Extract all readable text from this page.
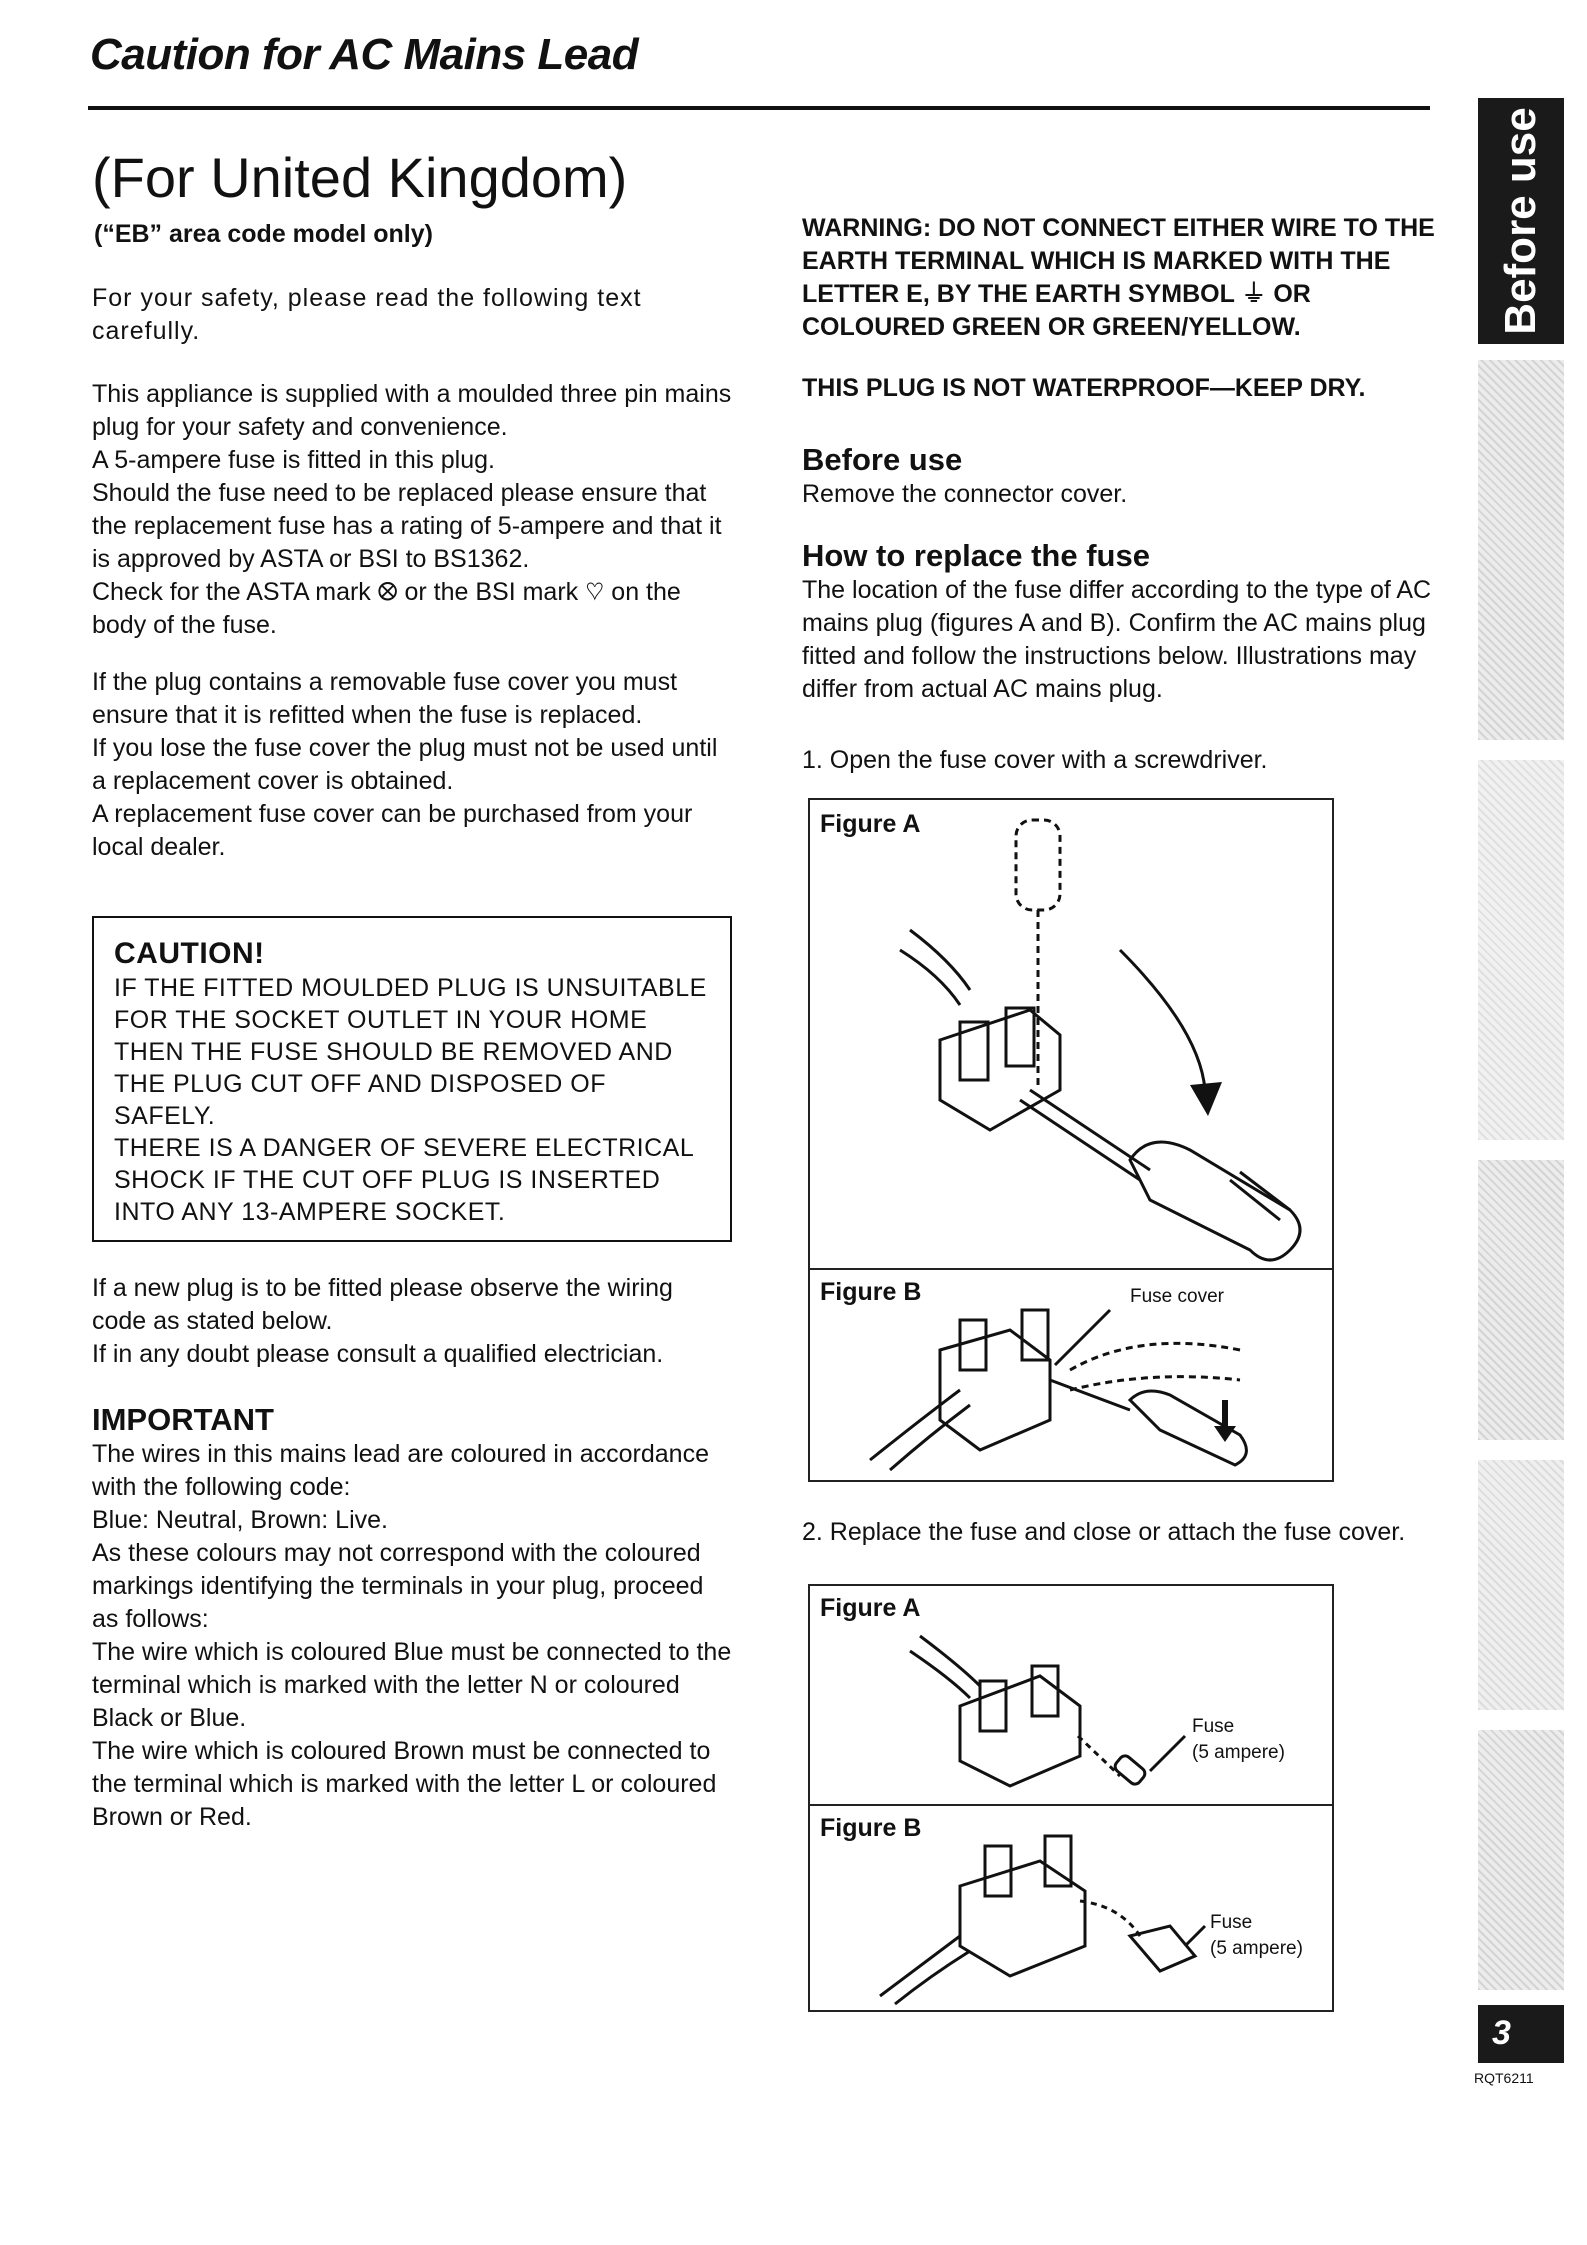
Caution for AC Mains Lead
(For United Kingdom)
(“EB” area code model only)

For your safety, please read the following text carefully.

This appliance is supplied with a moulded three pin mains plug for your safety and convenience.

A 5-ampere fuse is fitted in this plug.

Should the fuse need to be replaced please ensure that the replacement fuse has a rating of 5-ampere and that it is approved by ASTA or BSI to BS1362.

Check for the ASTA mark ⭙ or the BSI mark ♡ on the body of the fuse.

If the plug contains a removable fuse cover you must ensure that it is refitted when the fuse is replaced.

If you lose the fuse cover the plug must not be used until a replacement cover is obtained.

A replacement fuse cover can be purchased from your local dealer.

CAUTION!
IF THE FITTED MOULDED PLUG IS UNSUITABLE FOR THE SOCKET OUTLET IN YOUR HOME THEN THE FUSE SHOULD BE REMOVED AND THE PLUG CUT OFF AND DISPOSED OF SAFELY.
THERE IS A DANGER OF SEVERE ELECTRICAL SHOCK IF THE CUT OFF PLUG IS INSERTED INTO ANY 13-AMPERE SOCKET.

If a new plug is to be fitted please observe the wiring code as stated below.

If in any doubt please consult a qualified electrician.

IMPORTANT

The wires in this mains lead are coloured in accordance with the following code:

Blue: Neutral, Brown: Live.

As these colours may not correspond with the coloured markings identifying the terminals in your plug, proceed as follows:

The wire which is coloured Blue must be connected to the terminal which is marked with the letter N or coloured Black or Blue.

The wire which is coloured Brown must be connected to the terminal which is marked with the letter L or coloured Brown or Red.

WARNING: DO NOT CONNECT EITHER WIRE TO THE EARTH TERMINAL WHICH IS MARKED WITH THE LETTER E, BY THE EARTH SYMBOL ⏚ OR COLOURED GREEN OR GREEN/YELLOW.
THIS PLUG IS NOT WATERPROOF—KEEP DRY.
Before use

Remove the connector cover.

How to replace the fuse

The location of the fuse differ according to the type of AC mains plug (figures A and B). Confirm the AC mains plug fitted and follow the instructions below. Illustrations may differ from actual AC mains plug.

1. Open the fuse cover with a screwdriver.
Figure A
Figure B	Fuse cover
2. Replace the fuse and close or attach the fuse cover.
Figure A
Figure B
Fuse
(5 ampere)
Fuse
(5 ampere)
Before use
3
RQT6211
